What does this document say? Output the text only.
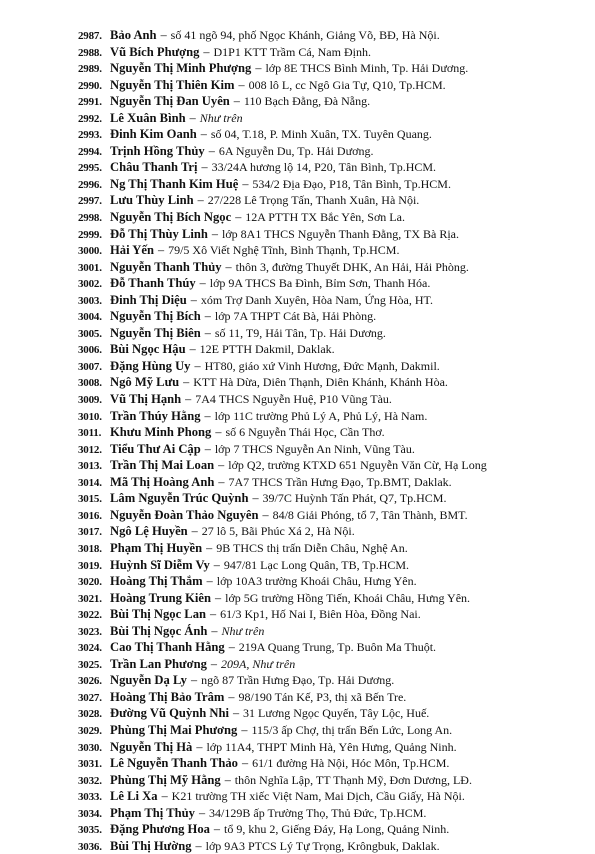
2987. Bảo Anh – số 41 ngõ 94, phố Ngọc Khánh, Giảng Võ, BĐ, Hà Nội.
2988. Vũ Bích Phượng – D1P1 KTT Trầm Cá, Nam Định.
2989. Nguyễn Thị Minh Phượng – lớp 8E THCS Bình Minh, Tp. Hải Dương.
2990. Nguyễn Thị Thiên Kim – 008 lô L, cc Ngô Gia Tự, Q10, Tp.HCM.
2991. Nguyễn Thị Đan Uyên – 110 Bạch Đằng, Đà Nẵng.
2992. Lê Xuân Bình – Như trên
2993. Đinh Kim Oanh – số 04, T.18, P. Minh Xuân, TX. Tuyên Quang.
2994. Trịnh Hồng Thủy – 6A Nguyễn Du, Tp. Hải Dương.
2995. Châu Thanh Trị – 33/24A hương lộ 14, P20, Tân Bình, Tp.HCM.
2996. Ng Thị Thanh Kim Huệ – 534/2 Địa Đạo, P18, Tân Bình, Tp.HCM.
2997. Lưu Thùy Linh – 27/228 Lê Trọng Tấn, Thanh Xuân, Hà Nội.
2998. Nguyễn Thị Bích Ngọc – 12A PTTH TX Bắc Yên, Sơn La.
2999. Đỗ Thị Thùy Linh – lớp 8A1 THCS Nguyễn Thanh Đằng, TX Bà Rịa.
3000. Hải Yến – 79/5 Xô Viết Nghệ Tĩnh, Bình Thạnh, Tp.HCM.
3001. Nguyễn Thanh Thủy – thôn 3, đường Thuyết DHK, An Hải, Hải Phòng.
3002. Đỗ Thanh Thúy – lớp 9A THCS Ba Đình, Bỉm Sơn, Thanh Hóa.
3003. Đinh Thị Diệu – xóm Trợ Danh Xuyên, Hòa Nam, Ứng Hòa, HT.
3004. Nguyễn Thị Bích – lớp 7A THPT Cát Bà, Hải Phòng.
3005. Nguyễn Thị Biên – số 11, T9, Hải Tân, Tp. Hải Dương.
3006. Bùi Ngọc Hậu – 12E PTTH Dakmil, Daklak.
3007. Đặng Hùng Uy – HT80, giáo xứ Vinh Hương, Đức Mạnh, Dakmil.
3008. Ngô Mỹ Lưu – KTT Hà Dừa, Diên Thạnh, Diên Khánh, Khánh Hòa.
3009. Vũ Thị Hạnh – 7A4 THCS Nguyễn Huệ, P10 Vũng Tàu.
3010. Trần Thúy Hằng – lớp 11C trường Phủ Lý A, Phủ Lý, Hà Nam.
3011. Khưu Minh Phong – số 6 Nguyễn Thái Học, Cần Thơ.
3012. Tiểu Thư Ai Cập – lớp 7 THCS Nguyễn An Ninh, Vũng Tàu.
3013. Trần Thị Mai Loan – lớp Q2, trường KTXD 651 Nguyễn Văn Cừ, Hạ Long
3014. Mã Thị Hoàng Anh – 7A7 THCS Trần Hưng Đạo, Tp.BMT, Daklak.
3015. Lâm Nguyễn Trúc Quỳnh – 39/7C Huỳnh Tấn Phát, Q7, Tp.HCM.
3016. Nguyễn Đoàn Thảo Nguyên – 84/8 Giải Phóng, tổ 7, Tân Thành, BMT.
3017. Ngô Lệ Huyền – 27 lô 5, Bãi Phúc Xá 2, Hà Nội.
3018. Phạm Thị Huyền – 9B THCS thị trấn Diễn Châu, Nghệ An.
3019. Huỳnh Sĩ Diễm Vy – 947/81 Lạc Long Quân, TB, Tp.HCM.
3020. Hoàng Thị Thắm – lớp 10A3 trường Khoái Châu, Hưng Yên.
3021. Hoàng Trung Kiên – lớp 5G trường Hồng Tiến, Khoái Châu, Hưng Yên.
3022. Bùi Thị Ngọc Lan – 61/3 Kp1, Hố Nai I, Biên Hòa, Đồng Nai.
3023. Bùi Thị Ngọc Ánh – Như trên
3024. Cao Thị Thanh Hằng – 219A Quang Trung, Tp. Buôn Ma Thuột.
3025. Trần Lan Phương – 209A, Như trên
3026. Nguyễn Dạ Ly – ngõ 87 Trần Hưng Đạo, Tp. Hải Dương.
3027. Hoàng Thị Bảo Trâm – 98/190 Tán Kế, P3, thị xã Bến Tre.
3028. Đường Vũ Quỳnh Nhi – 31 Lương Ngọc Quyến, Tây Lộc, Huế.
3029. Phùng Thị Mai Phương – 115/3 ấp Chợ, thị trấn Bến Lức, Long An.
3030. Nguyễn Thị Hà – lớp 11A4, THPT Minh Hà, Yên Hưng, Quảng Ninh.
3031. Lê Nguyễn Thanh Thảo – 61/1 đường Hà Nội, Hóc Môn, Tp.HCM.
3032. Phùng Thị Mỹ Hằng – thôn Nghĩa Lập, TT Thạnh Mỹ, Đơn Dương, LĐ.
3033. Lê Li Xa – K21 trường TH xiếc Việt Nam, Mai Dịch, Cầu Giấy, Hà Nội.
3034. Phạm Thị Thủy – 34/129B ấp Trường Thọ, Thủ Đức, Tp.HCM.
3035. Đặng Phương Hoa – tổ 9, khu 2, Giếng Đáy, Hạ Long, Quảng Ninh.
3036. Bùi Thị Hường – lớp 9A3 PTCS Lý Tự Trọng, Krôngbuk, Daklak.
